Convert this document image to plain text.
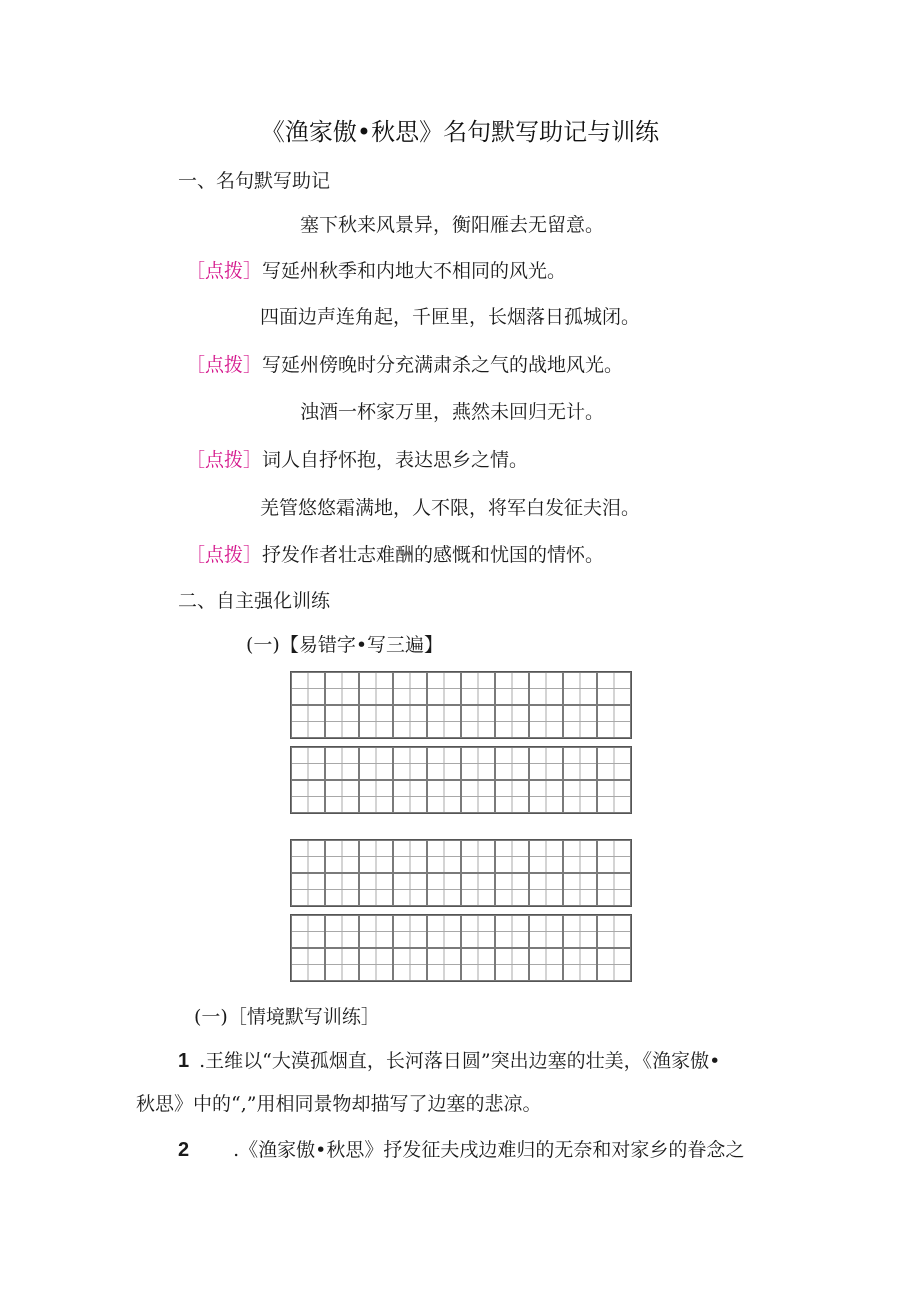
《渔家傲•秋思》名句默写助记与训练
一、名句默写助记
塞下秋来风景异，衡阳雁去无留意。
［点拨］写延州秋季和内地大不相同的风光。
四面边声连角起，千匣里，长烟落日孤城闭。
［点拨］写延州傍晚时分充满肃杀之气的战地风光。
浊酒一杯家万里，燕然未回归无计。
［点拨］词人自抒怀抱，表达思乡之情。
羌管悠悠霜满地，人不限，将军白发征夫泪。
［点拨］抒发作者壮志难酬的感慨和忧国的情怀。
二、自主强化训练
(一)【易错字•写三遍】
(一)［情境默写训练］
1 .王维以“大漠孤烟直，长河落日圆”突出边塞的壮美，《渔家傲•
秋思》中的“,”用相同景物却描写了边塞的悲凉。
2 .《渔家傲•秋思》抒发征夫戌边难归的无奈和对家乡的眷念之
